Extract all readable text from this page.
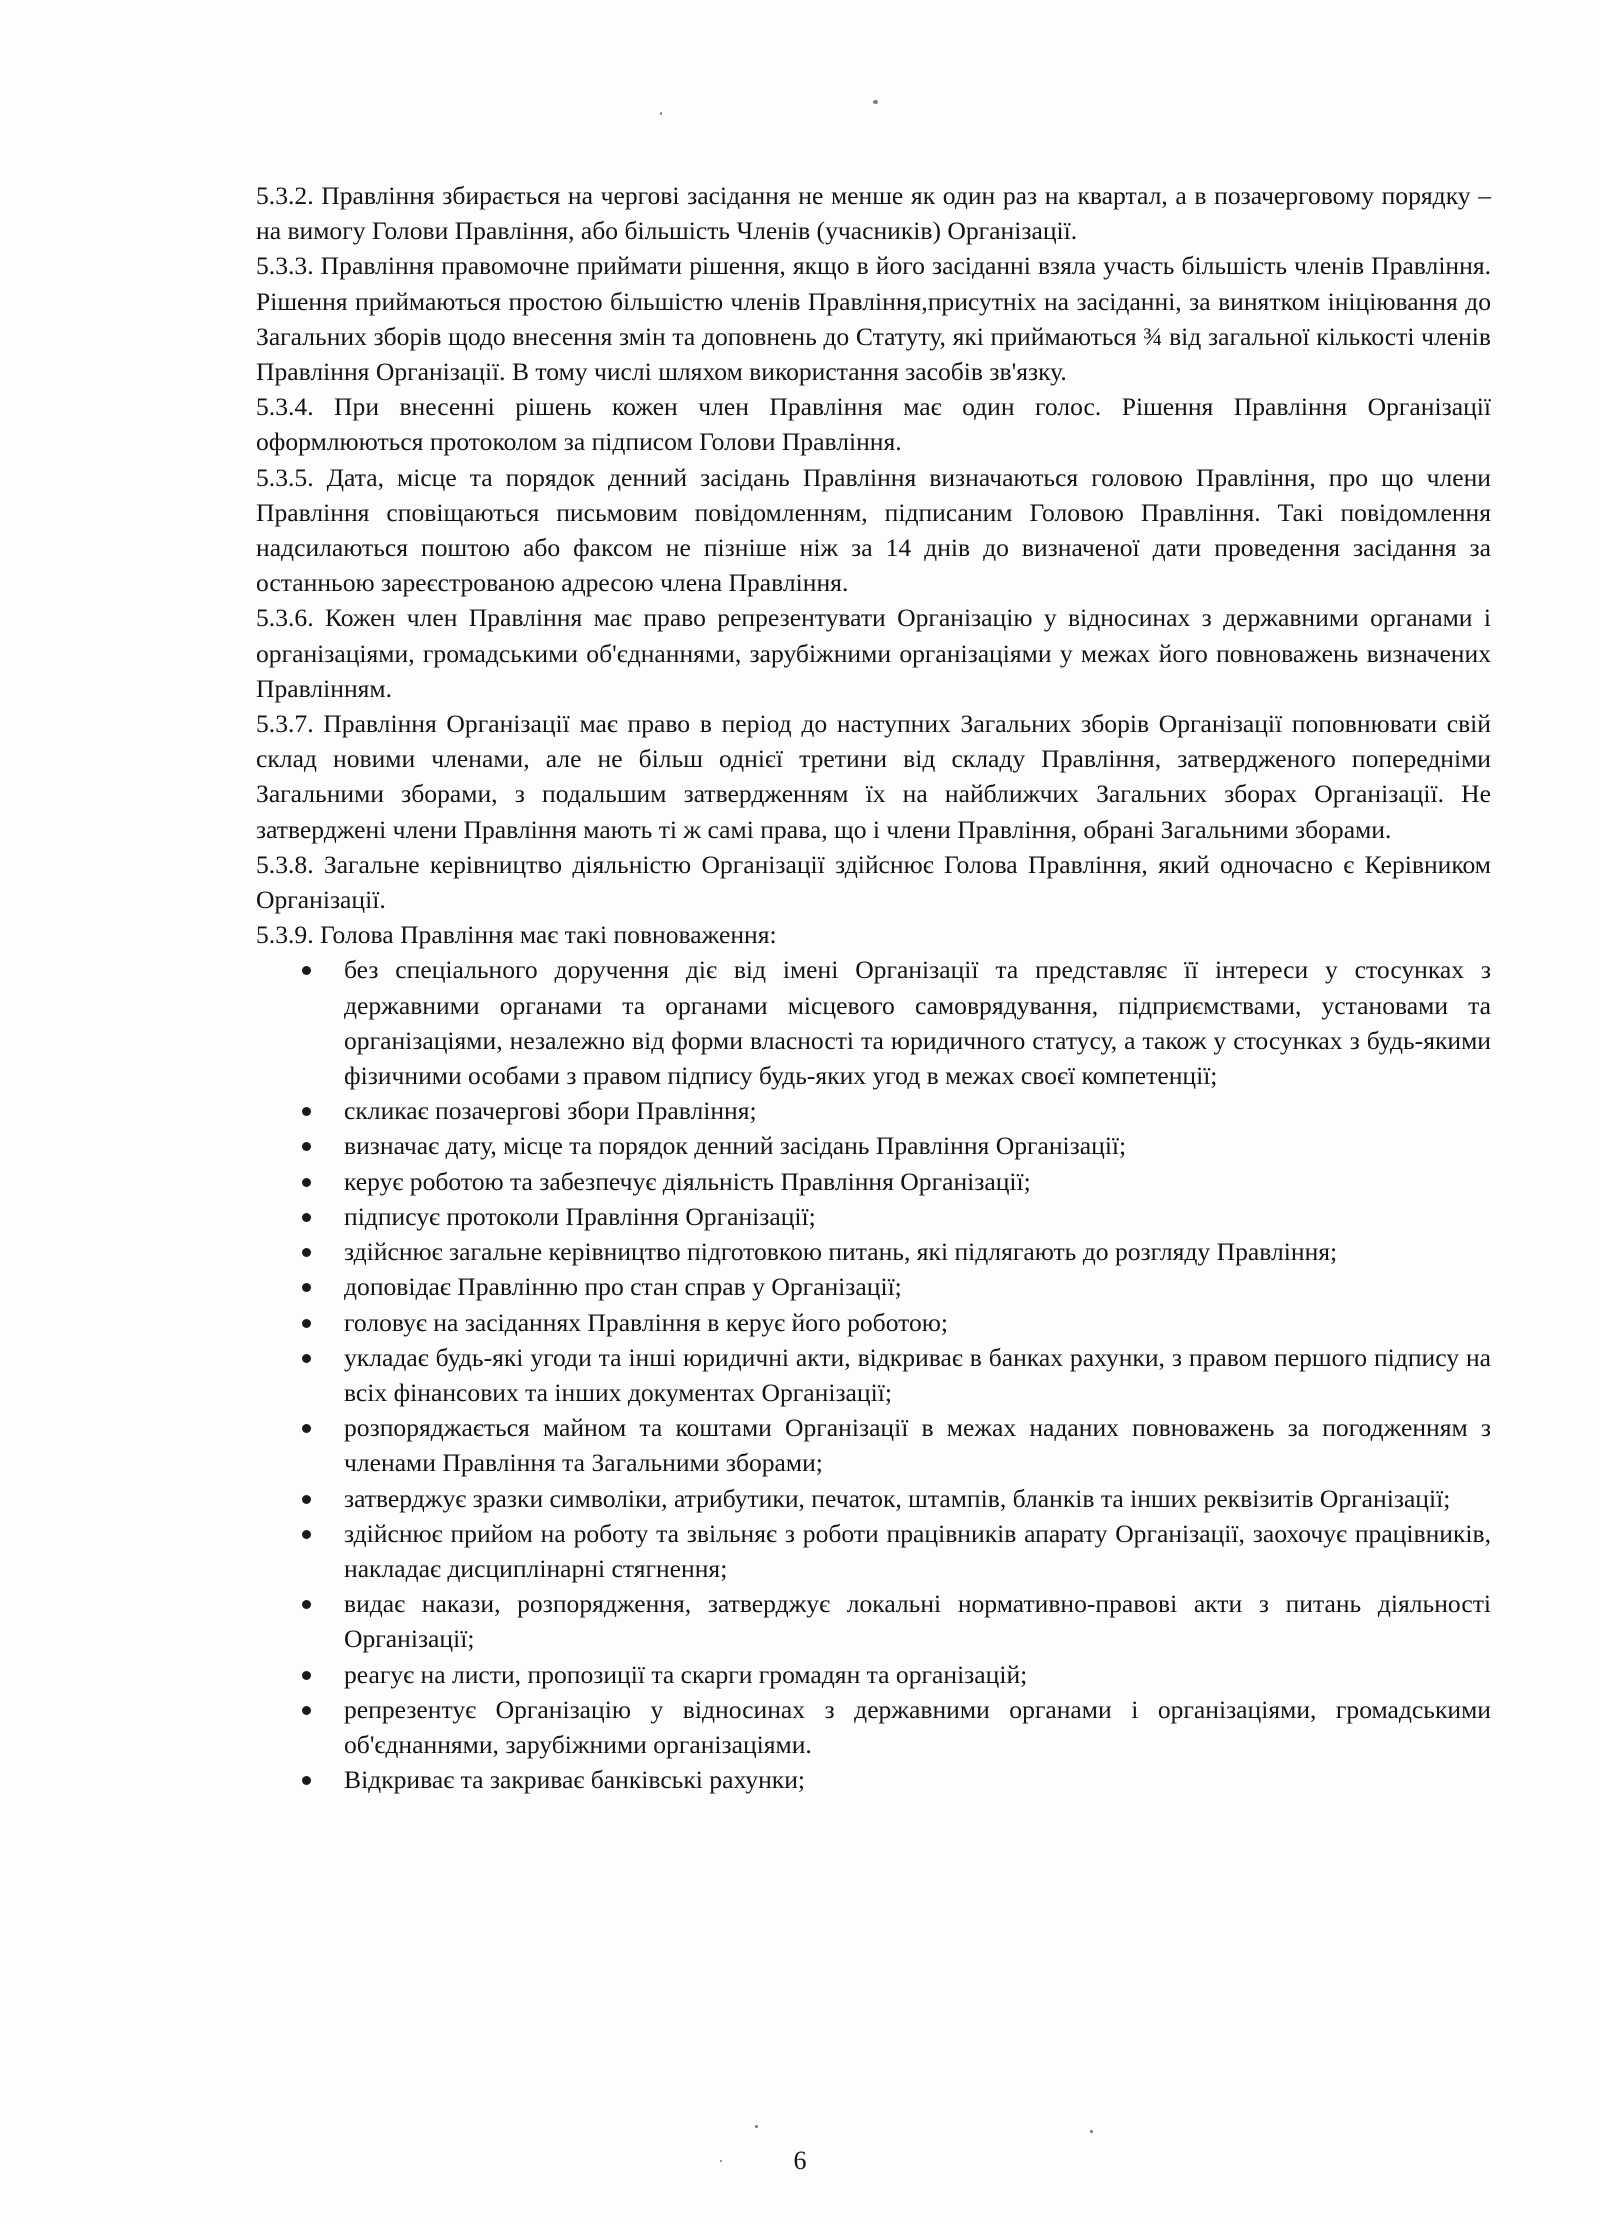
5.3.2. Правління збирається на чергові засідання не менше як один раз на квартал, а в позачерговому порядку – на вимогу Голови Правління, або більшість Членів (учасників) Організації.

5.3.3. Правління правомочне приймати рішення, якщо в його засіданні взяла участь більшість членів Правління. Рішення приймаються простою більшістю членів Правління,присутніх на засіданні, за винятком ініціювання до Загальних зборів щодо внесення змін та доповнень до Статуту, які приймаються ¾ від загальної кількості членів Правління Організації. В тому числі шляхом використання засобів зв'язку.

5.3.4. При внесенні рішень кожен член Правління має один голос. Рішення Правління Організації оформлюються протоколом за підписом Голови Правління.

5.3.5. Дата, місце та порядок денний засідань Правління визначаються головою Правління, про що члени Правління сповіщаються письмовим повідомленням, підписаним Головою Правління. Такі повідомлення надсилаються поштою або факсом не пізніше ніж за 14 днів до визначеної дати проведення засідання за останньою зареєстрованою адресою члена Правління.

5.3.6. Кожен член Правління має право репрезентувати Організацію у відносинах з державними органами і організаціями, громадськими об'єднаннями, зарубіжними організаціями у межах його повноважень визначених Правлінням.

5.3.7. Правління Організації має право в період до наступних Загальних зборів Організації поповнювати свій склад новими членами, але не більш однієї третини від складу Правління, затвердженого попередніми Загальними зборами, з подальшим затвердженням їх на найближчих Загальних зборах Організації. Не затверджені члени Правління мають ті ж самі права, що і члени Правління, обрані Загальними зборами.

5.3.8. Загальне керівництво діяльністю Організації здійснює Голова Правління, який одночасно є Керівником Організації.

5.3.9. Голова Правління має такі повноваження:

без спеціального доручення діє від імені Організації та представляє її інтереси у стосунках з державними органами та органами місцевого самоврядування, підприємствами, установами та організаціями, незалежно від форми власності та юридичного статусу, а також у стосунках з будь-якими фізичними особами з правом підпису будь-яких угод в межах своєї компетенції;
скликає позачергові збори Правління;
визначає дату, місце та порядок денний засідань Правління Організації;
керує роботою та забезпечує діяльність Правління Організації;
підписує протоколи Правління Організації;
здійснює загальне керівництво підготовкою питань, які підлягають до розгляду Правління;
доповідає Правлінню про стан справ у Організації;
головує на засіданнях Правління в керує його роботою;
укладає будь-які угоди та інші юридичні акти, відкриває в банках рахунки, з правом першого підпису на всіх фінансових та інших документах Організації;
розпоряджається майном та коштами Організації в межах наданих повноважень за погодженням з членами Правління та Загальними зборами;
затверджує зразки символіки, атрибутики, печаток, штампів, бланків та інших реквізитів Організації;
здійснює прийом на роботу та звільняє з роботи працівників апарату Організації, заохочує працівників, накладає дисциплінарні стягнення;
видає накази, розпорядження, затверджує локальні нормативно-правові акти з питань діяльності Організації;
реагує на листи, пропозиції та скарги громадян та організацій;
репрезентує Організацію у відносинах з державними органами і організаціями, громадськими об'єднаннями, зарубіжними організаціями.
Відкриває та закриває банківські рахунки;
6
